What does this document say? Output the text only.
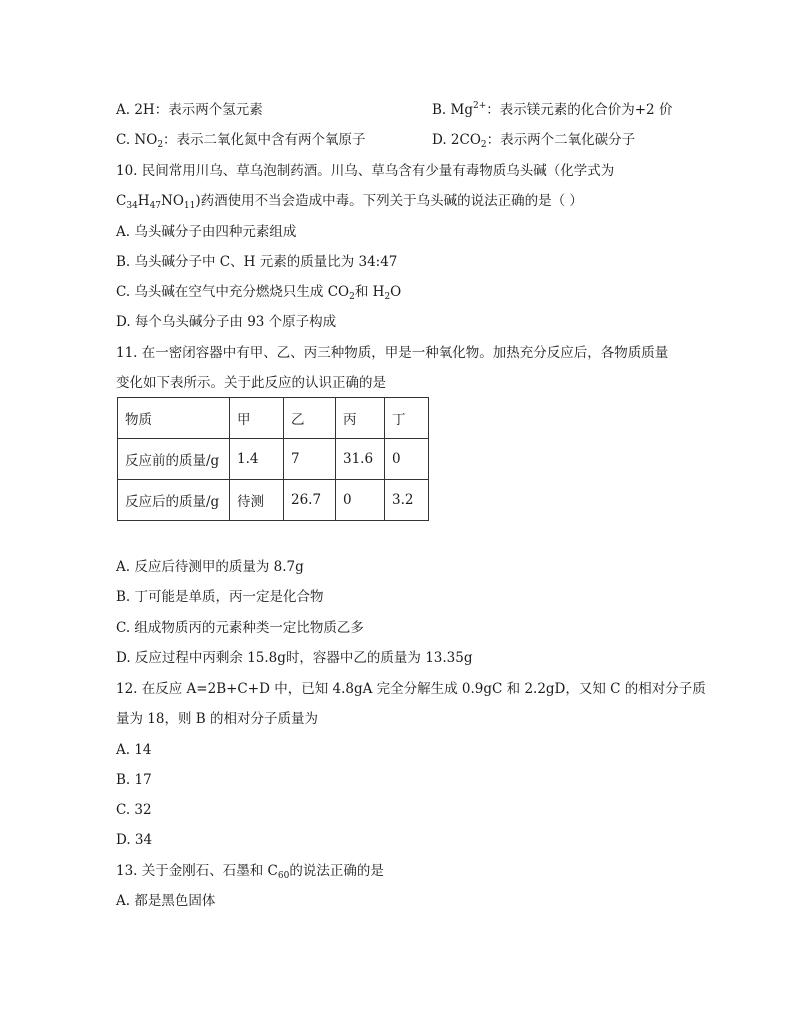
A. 2H：表示两个氢元素	B. $Mg^{2+}$：表示镁元素的化合价为+2 价
C. $NO_2$：表示二氧化氮中含有两个氧原子	D. $2CO_2$：表示两个二氧化碳分子
10. 民间常用川乌、草乌泡制药酒。川乌、草乌含有少量有毒物质乌头碱（化学式为
$C_{34}H_{47}NO_{11}$)药酒使用不当会造成中毒。下列关于乌头碱的说法正确的是（ ）
A. 乌头碱分子由四种元素组成
B. 乌头碱分子中 C、H 元素的质量比为 34:47
C. 乌头碱在空气中充分燃烧只生成 $CO_2$和 $H_2O$
D. 每个乌头碱分子由 93 个原子构成
11. 在一密闭容器中有甲、乙、丙三种物质，甲是一种氧化物。加热充分反应后，各物质质量
变化如下表所示。关于此反应的认识正确的是
物质	甲	乙	丙	丁
反应前的质量/g	1.4	7	31.6	0
反应后的质量/g	待测	26.7	0	3.2
A. 反应后待测甲的质量为 8.7g
B. 丁可能是单质，丙一定是化合物
C. 组成物质丙的元素种类一定比物质乙多
D. 反应过程中丙剩余 15.8g时，容器中乙的质量为 13.35g
12. 在反应 A=2B+C+D 中，已知 4.8gA 完全分解生成 0.9gC 和 2.2gD，又知 C 的相对分子质
量为 18，则 B 的相对分子质量为
A. 14
B. 17
C. 32
D. 34
13. 关于金刚石、石墨和 $C_{60}$的说法正确的是
A. 都是黑色固体
